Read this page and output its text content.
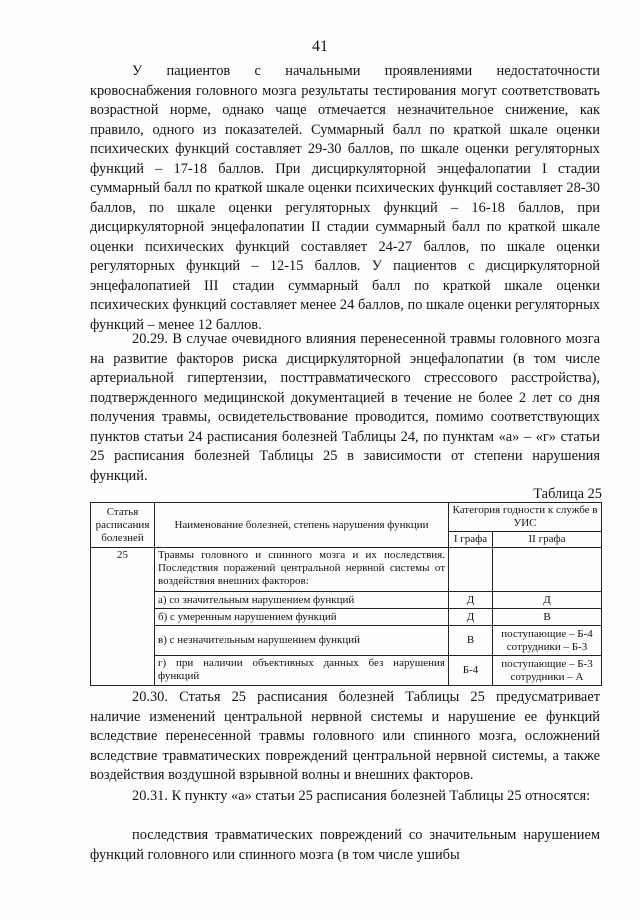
41

У пациентов с начальными проявлениями недостаточности кровоснабжения головного мозга результаты тестирования могут соответствовать возрастной норме, однако чаще отмечается незначительное снижение, как правило, одного из показателей. Суммарный балл по краткой шкале оценки психических функций составляет 29-30 баллов, по шкале оценки регуляторных функций – 17-18 баллов. При дисциркуляторной энцефалопатии I стадии суммарный балл по краткой шкале оценки психических функций составляет 28-30 баллов, по шкале оценки регуляторных функций – 16-18 баллов, при дисциркуляторной энцефалопатии II стадии суммарный балл по краткой шкале оценки психических функций составляет 24-27 баллов, по шкале оценки регуляторных функций – 12-15 баллов. У пациентов с дисциркуляторной энцефалопатией III стадии суммарный балл по краткой шкале оценки психических функций составляет менее 24 баллов, по шкале оценки регуляторных функций – менее 12 баллов.

20.29. В случае очевидного влияния перенесенной травмы головного мозга на развитие факторов риска дисциркуляторной энцефалопатии (в том числе артериальной гипертензии, посттравматического стрессового расстройства), подтвержденного медицинской документацией в течение не более 2 лет со дня получения травмы, освидетельствование проводится, помимо соответствующих пунктов статьи 24 расписания болезней Таблицы 24, по пунктам «а» – «г» статьи 25 расписания болезней Таблицы 25 в зависимости от степени нарушения функций.

Таблица 25
Статья расписания болезней	Наименование болезней, степень нарушения функции	Категория годности к службе в УИС	
		I графа	II графа
25	Травмы головного и спинного мозга и их последствия. Последствия поражений центральной нервной системы от воздействия внешних факторов:		
	а) со значительным нарушением функций	Д	Д
	б) с умеренным нарушением функций	Д	В
	в) с незначительным нарушением функций	В	поступающие – Б-4
сотрудники – Б-3

	г) при наличии объективных данных без нарушения функций	Б-4	поступающие – Б-3
сотрудники – А

20.30. Статья 25 расписания болезней Таблицы 25 предусматривает наличие изменений центральной нервной системы и нарушение ее функций вследствие перенесенной травмы головного или спинного мозга, осложнений вследствие травматических повреждений центральной нервной системы, а также воздействия воздушной взрывной волны и внешних факторов.

20.31. К пункту «а» статьи 25 расписания болезней Таблицы 25 относятся:

последствия травматических повреждений со значительным нарушением функций головного или спинного мозга (в том числе ушибы
